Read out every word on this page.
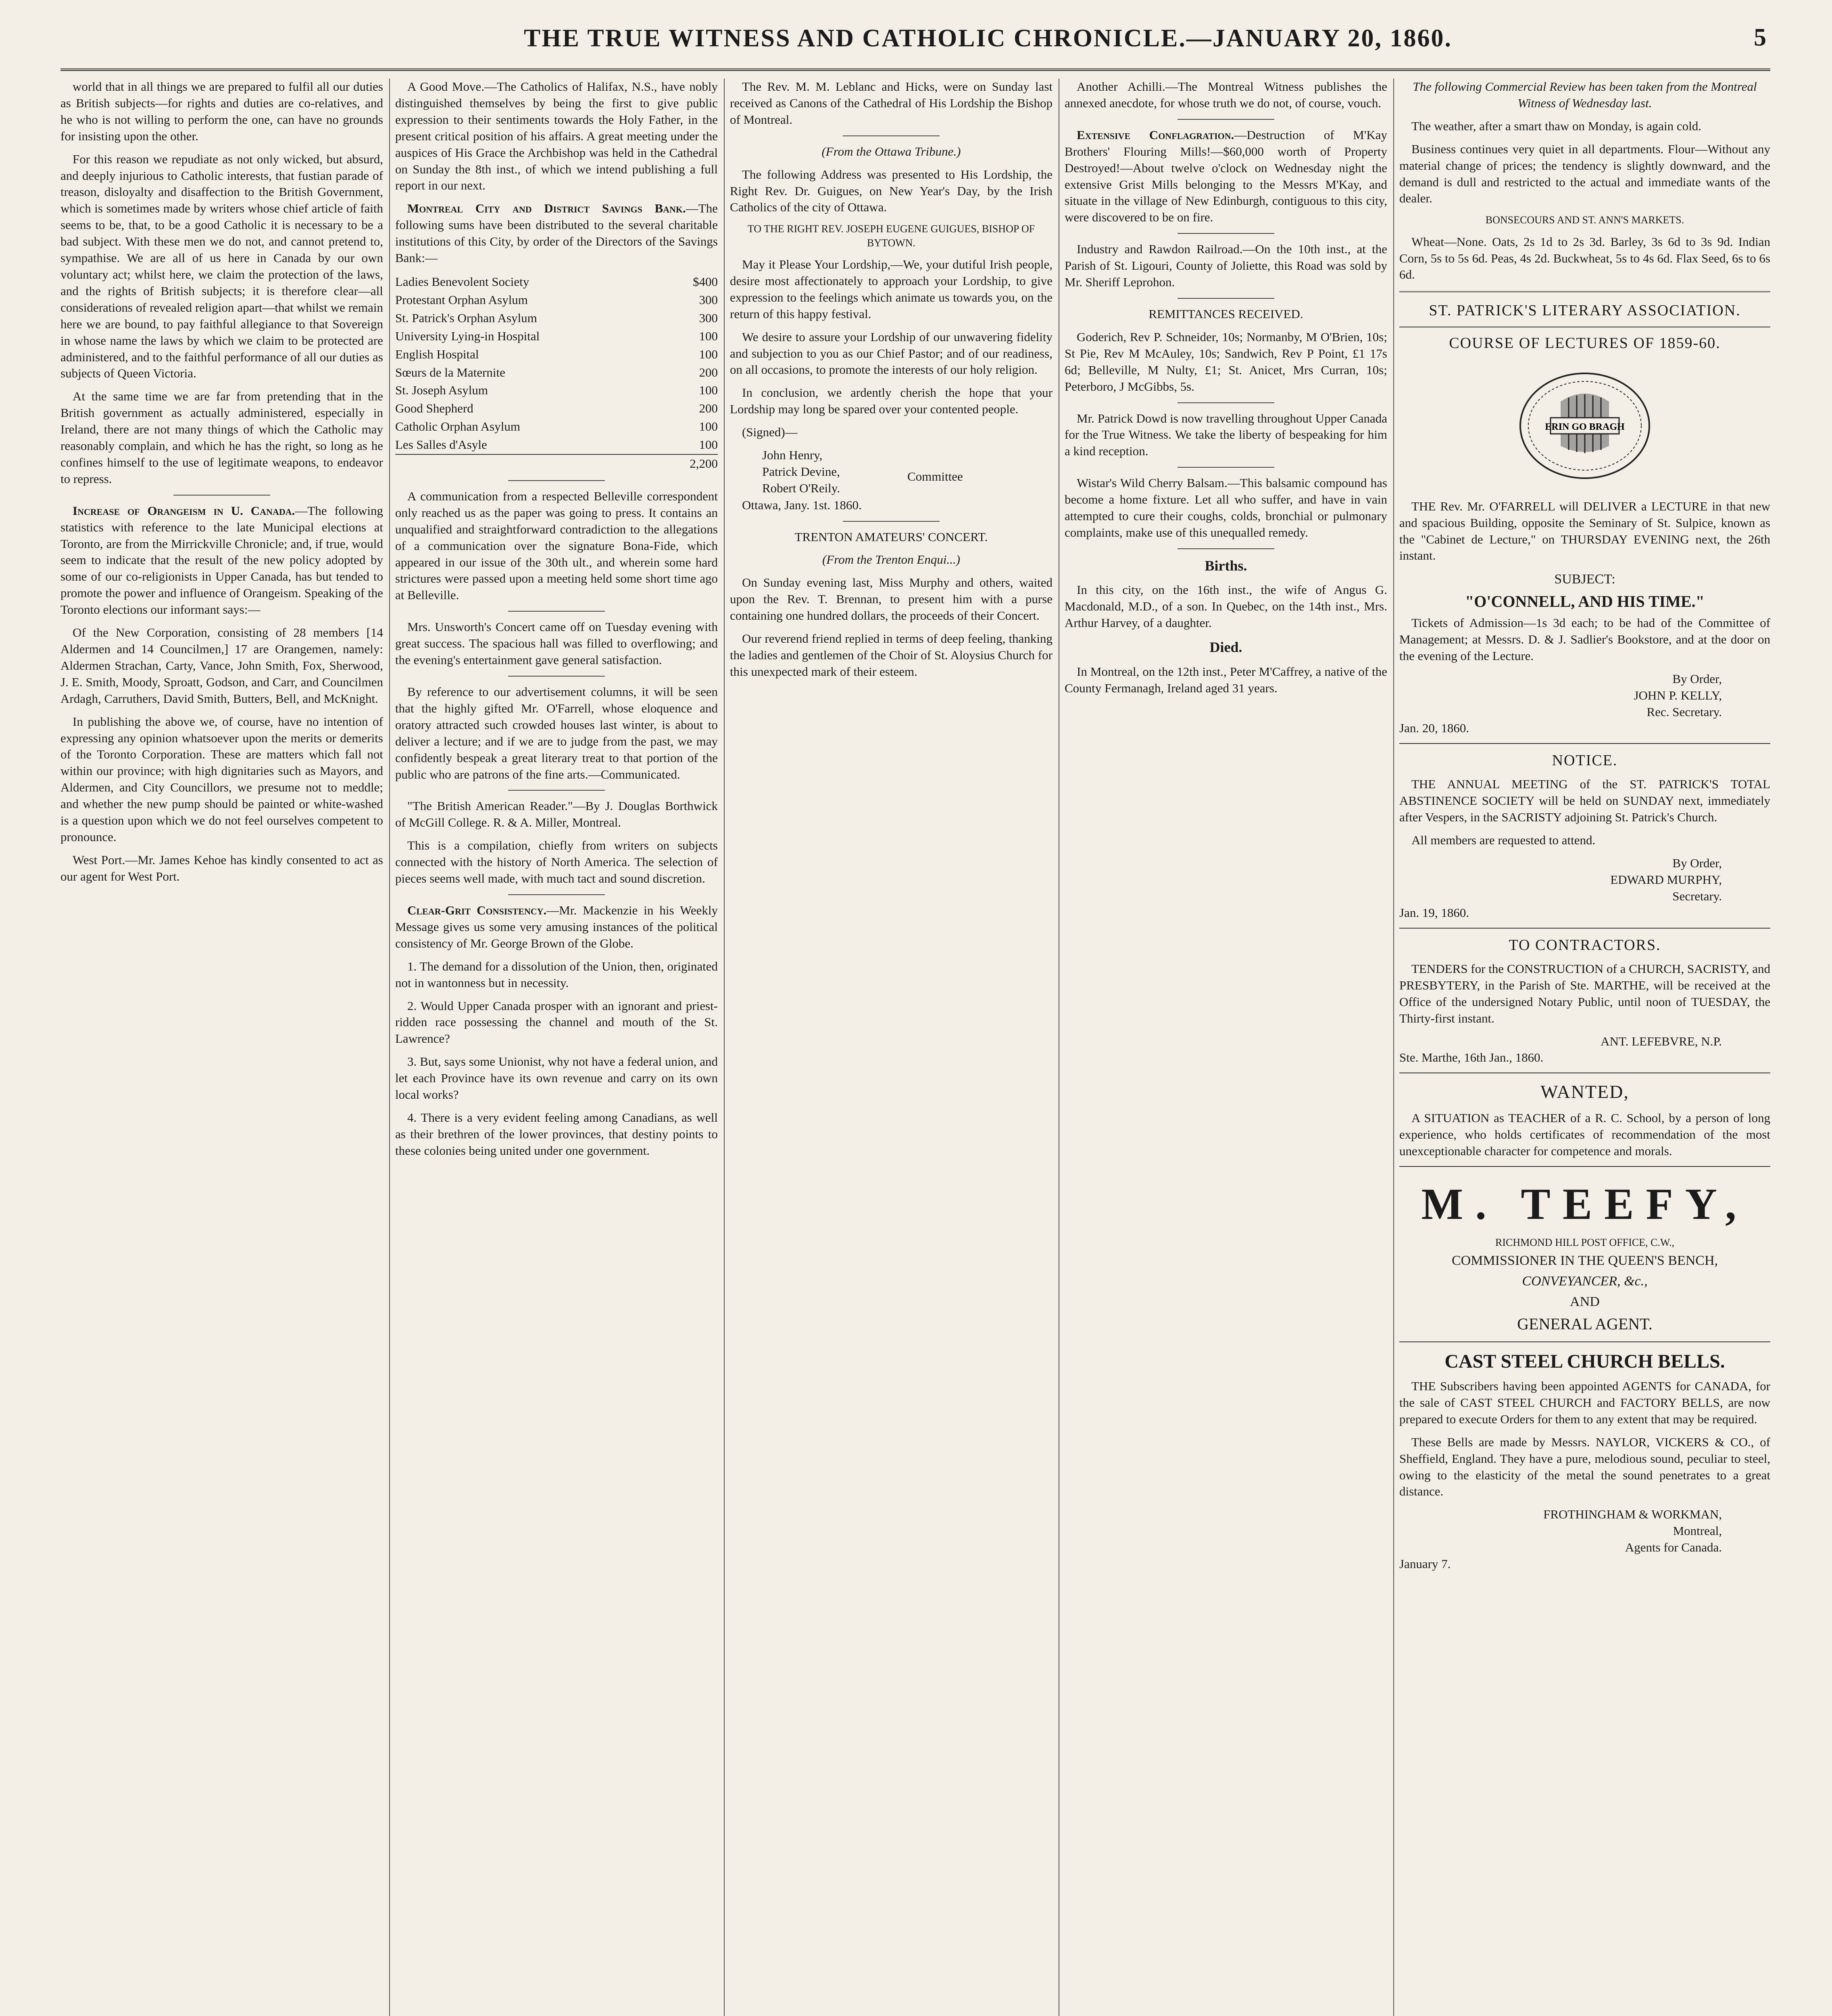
THE TRUE WITNESS AND CATHOLIC CHRONICLE.—JANUARY 20, 1860.	5

world that in all things we are prepared to fulfil all our duties as British subjects—for rights and duties are co-relatives, and he who is not willing to perform the one, can have no grounds for insisting upon the other.

For this reason we repudiate as not only wicked, but absurd, and deeply injurious to Catholic interests, that fustian parade of treason, disloyalty and disaffection to the British Government, which is sometimes made by writers whose chief article of faith seems to be, that, to be a good Catholic it is necessary to be a bad subject. With these men we do not, and cannot pretend to, sympathise. We are all of us here in Canada by our own voluntary act; whilst here, we claim the protection of the laws, and the rights of British subjects; it is therefore clear—all considerations of revealed religion apart—that whilst we remain here we are bound, to pay faithful allegiance to that Sovereign in whose name the laws by which we claim to be protected are administered, and to the faithful performance of all our duties as subjects of Queen Victoria.

At the same time we are far from pretending that in the British government as actually administered, especially in Ireland, there are not many things of which the Catholic may reasonably complain, and which he has the right, so long as he confines himself to the use of legitimate weapons, to endeavor to repress.

Increase of Orangeism in U. Canada.—The following statistics with reference to the late Municipal elections at Toronto, are from the Mirrickville Chronicle; and, if true, would seem to indicate that the result of the new policy adopted by some of our co-religionists in Upper Canada, has but tended to promote the power and influence of Orangeism. Speaking of the Toronto elections our informant says:—

Of the New Corporation, consisting of 28 members [14 Aldermen and 14 Councilmen,] 17 are Orangemen, namely: Aldermen Strachan, Carty, Vance, John Smith, Fox, Sherwood, J. E. Smith, Moody, Sproatt, Godson, and Carr, and Councilmen Ardagh, Carruthers, David Smith, Butters, Bell, and McKnight.

In publishing the above we, of course, have no intention of expressing any opinion whatsoever upon the merits or demerits of the Toronto Corporation. These are matters which fall not within our province; with high dignitaries such as Mayors, and Aldermen, and City Councillors, we presume not to meddle; and whether the new pump should be painted or white-washed is a question upon which we do not feel ourselves competent to pronounce.

West Port.—Mr. James Kehoe has kindly consented to act as our agent for West Port.

A Good Move.—The Catholics of Halifax, N.S., have nobly distinguished themselves by being the first to give public expression to their sentiments towards the Holy Father, in the present critical position of his affairs. A great meeting under the auspices of His Grace the Archbishop was held in the Cathedral on Sunday the 8th inst., of which we intend publishing a full report in our next.

Montreal City and District Savings Bank.—The following sums have been distributed to the several charitable institutions of this City, by order of the Directors of the Savings Bank:—

Ladies Benevolent Society	$400
Protestant Orphan Asylum	300
St. Patrick's Orphan Asylum	300
University Lying-in Hospital	100
English Hospital	100
Sœurs de la Maternite	200
St. Joseph Asylum	100
Good Shepherd	200
Catholic Orphan Asylum	100
Les Salles d'Asyle	100
	2,200

A communication from a respected Belleville correspondent only reached us as the paper was going to press. It contains an unqualified and straightforward contradiction to the allegations of a communication over the signature Bona-Fide, which appeared in our issue of the 30th ult., and wherein some hard strictures were passed upon a meeting held some short time ago at Belleville.

Mrs. Unsworth's Concert came off on Tuesday evening with great success. The spacious hall was filled to overflowing; and the evening's entertainment gave general satisfaction.

By reference to our advertisement columns, it will be seen that the highly gifted Mr. O'Farrell, whose eloquence and oratory attracted such crowded houses last winter, is about to deliver a lecture; and if we are to judge from the past, we may confidently bespeak a great literary treat to that portion of the public who are patrons of the fine arts.—Communicated.

"The British American Reader."—By J. Douglas Borthwick of McGill College. R. & A. Miller, Montreal.

This is a compilation, chiefly from writers on subjects connected with the history of North America. The selection of pieces seems well made, with much tact and sound discretion.

Clear-Grit Consistency.—Mr. Mackenzie in his Weekly Message gives us some very amusing instances of the political consistency of Mr. George Brown of the Globe.

1. The demand for a dissolution of the Union, then, originated not in wantonness but in necessity.

2. Would Upper Canada prosper with an ignorant and priest-ridden race possessing the channel and mouth of the St. Lawrence?

3. But, says some Unionist, why not have a federal union, and let each Province have its own revenue and carry on its own local works?

4. There is a very evident feeling among Canadians, as well as their brethren of the lower provinces, that destiny points to these colonies being united under one government.

The Rev. M. M. Leblanc and Hicks, were on Sunday last received as Canons of the Cathedral of His Lordship the Bishop of Montreal.

(From the Ottawa Tribune.)

The following Address was presented to His Lordship, the Right Rev. Dr. Guigues, on New Year's Day, by the Irish Catholics of the city of Ottawa.

TO THE RIGHT REV. JOSEPH EUGENE GUIGUES, BISHOP OF BYTOWN.

May it Please Your Lordship,—We, your dutiful Irish people, desire most affectionately to approach your Lordship, to give expression to the feelings which animate us towards you, on the return of this happy festival.

We desire to assure your Lordship of our unwavering fidelity and subjection to you as our Chief Pastor; and of our readiness, on all occasions, to promote the interests of our holy religion.

In conclusion, we ardently cherish the hope that your Lordship may long be spared over your contented people.

(Signed)—

John Henry,
Patrick Devine,
Robert O'Reily.
Committee

Ottawa, Jany. 1st. 1860.

TRENTON AMATEURS' CONCERT.

(From the Trenton Enqui...)

On Sunday evening last, Miss Murphy and others, waited upon the Rev. T. Brennan, to present him with a purse containing one hundred dollars, the proceeds of their Concert.

Our reverend friend replied in terms of deep feeling, thanking the ladies and gentlemen of the Choir of St. Aloysius Church for this unexpected mark of their esteem.

Another Achilli.—The Montreal Witness publishes the annexed anecdote, for whose truth we do not, of course, vouch.

Extensive Conflagration.—Destruction of M'Kay Brothers' Flouring Mills!—$60,000 worth of Property Destroyed!—About twelve o'clock on Wednesday night the extensive Grist Mills belonging to the Messrs M'Kay, and situate in the village of New Edinburgh, contiguous to this city, were discovered to be on fire.

Industry and Rawdon Railroad.—On the 10th inst., at the Parish of St. Ligouri, County of Joliette, this Road was sold by Mr. Sheriff Leprohon.

REMITTANCES RECEIVED.

Goderich, Rev P. Schneider, 10s; Normanby, M O'Brien, 10s; St Pie, Rev M McAuley, 10s; Sandwich, Rev P Point, £1 17s 6d; Belleville, M Nulty, £1; St. Anicet, Mrs Curran, 10s; Peterboro, J McGibbs, 5s.

Mr. Patrick Dowd is now travelling throughout Upper Canada for the True Witness. We take the liberty of bespeaking for him a kind reception.

Wistar's Wild Cherry Balsam.—This balsamic compound has become a home fixture. Let all who suffer, and have in vain attempted to cure their coughs, colds, bronchial or pulmonary complaints, make use of this unequalled remedy.

Births.

In this city, on the 16th inst., the wife of Angus G. Macdonald, M.D., of a son. In Quebec, on the 14th inst., Mrs. Arthur Harvey, of a daughter.

Died.

In Montreal, on the 12th inst., Peter M'Caffrey, a native of the County Fermanagh, Ireland aged 31 years.

The following Commercial Review has been taken from the Montreal Witness of Wednesday last.

The weather, after a smart thaw on Monday, is again cold.

Business continues very quiet in all departments. Flour—Without any material change of prices; the tendency is slightly downward, and the demand is dull and restricted to the actual and immediate wants of the dealer.

BONSECOURS AND ST. ANN'S MARKETS.

Wheat—None. Oats, 2s 1d to 2s 3d. Barley, 3s 6d to 3s 9d. Indian Corn, 5s to 5s 6d. Peas, 4s 2d. Buckwheat, 5s to 4s 6d. Flax Seed, 6s to 6s 6d.

ST. PATRICK'S LITERARY ASSOCIATION.
COURSE OF LECTURES OF 1859-60.
ERIN GO BRAGH

THE Rev. Mr. O'FARRELL will DELIVER a LECTURE in that new and spacious Building, opposite the Seminary of St. Sulpice, known as the "Cabinet de Lecture," on THURSDAY EVENING next, the 26th instant.

SUBJECT:
"O'CONNELL, AND HIS TIME."

Tickets of Admission—1s 3d each; to be had of the Committee of Management; at Messrs. D. & J. Sadlier's Bookstore, and at the door on the evening of the Lecture.

By Order,
JOHN P. KELLY,
Rec. Secretary.
Jan. 20, 1860.
NOTICE.

THE ANNUAL MEETING of the ST. PATRICK'S TOTAL ABSTINENCE SOCIETY will be held on SUNDAY next, immediately after Vespers, in the SACRISTY adjoining St. Patrick's Church.

All members are requested to attend.

By Order,
EDWARD MURPHY,
Secretary.
Jan. 19, 1860.
TO CONTRACTORS.

TENDERS for the CONSTRUCTION of a CHURCH, SACRISTY, and PRESBYTERY, in the Parish of Ste. MARTHE, will be received at the Office of the undersigned Notary Public, until noon of TUESDAY, the Thirty-first instant.

ANT. LEFEBVRE, N.P.
Ste. Marthe, 16th Jan., 1860.
WANTED,

A SITUATION as TEACHER of a R. C. School, by a person of long experience, who holds certificates of recommendation of the most unexceptionable character for competence and morals.

M. TEEFY,
RICHMOND HILL POST OFFICE, C.W.,
COMMISSIONER IN THE QUEEN'S BENCH,
CONVEYANCER, &c.,
AND
GENERAL AGENT.
CAST STEEL CHURCH BELLS.

THE Subscribers having been appointed AGENTS for CANADA, for the sale of CAST STEEL CHURCH and FACTORY BELLS, are now prepared to execute Orders for them to any extent that may be required.

These Bells are made by Messrs. NAYLOR, VICKERS & CO., of Sheffield, England. They have a pure, melodious sound, peculiar to steel, owing to the elasticity of the metal the sound penetrates to a great distance.

FROTHINGHAM & WORKMAN,
Montreal,
Agents for Canada.
January 7.
